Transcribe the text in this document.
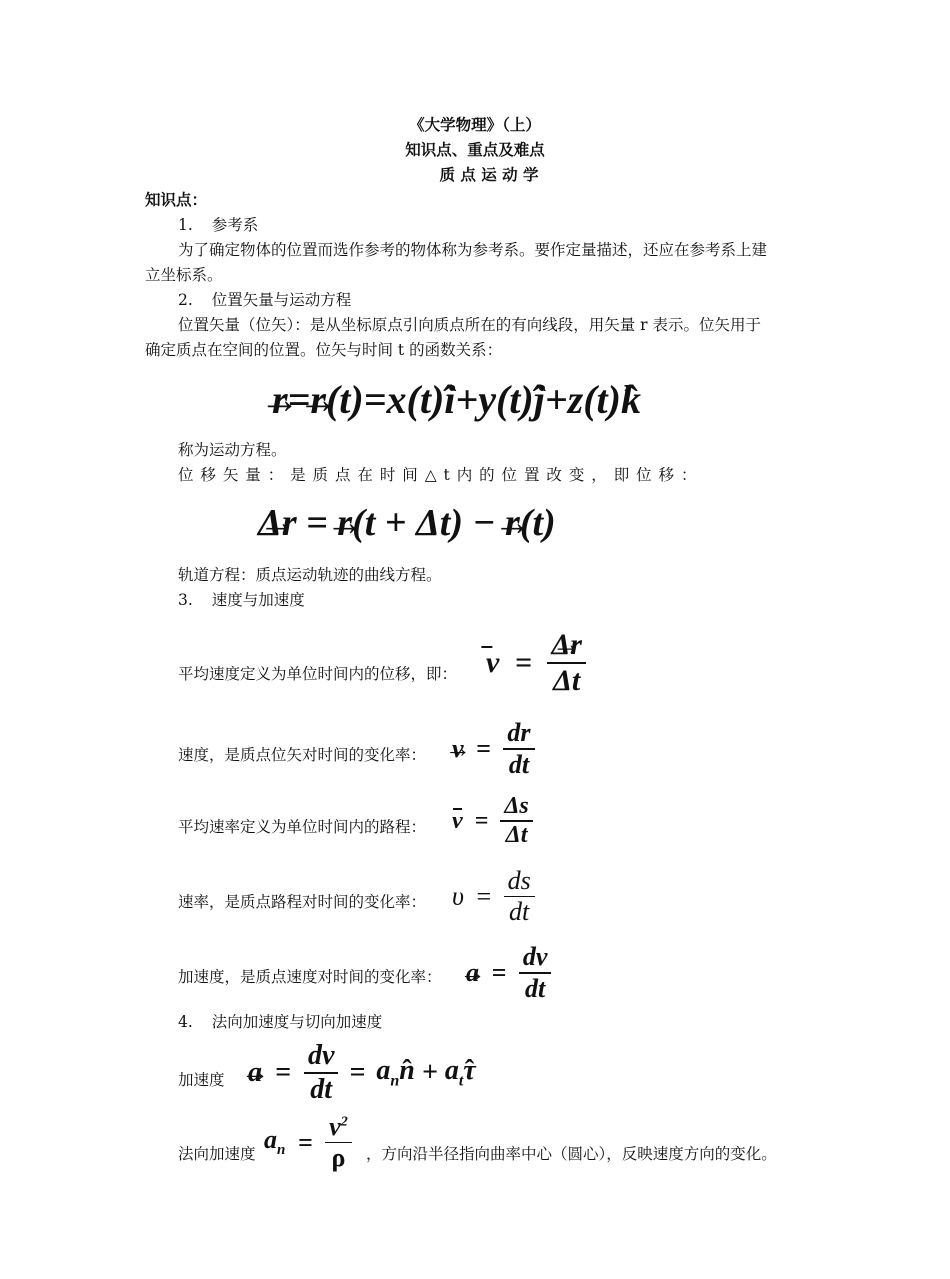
《大学物理》（上）
知识点、重点及难点
质 点 运 动 学
知识点：
1. 参考系
为了确定物体的位置而选作参考的物体称为参考系。要作定量描述，还应在参考系上建
立坐标系。
2. 位置矢量与运动方程
位置矢量（位矢）：是从坐标原点引向质点所在的有向线段，用矢量 r 表示。位矢用于
确定质点在空间的位置。位矢与时间 t 的函数关系：
→ r=→ r(t)=x(t)ˆ i+y(t)ˆ j+z(t)ˆ k
称为运动方程。
位 移 矢 量 ： 是 质 点 在 时 间 △ t 内 的 位 置 改 变 ， 即 位 移 ：
→ Δr = → r(t + Δt) − → r(t)
轨道方程：质点运动轨迹的曲线方程。
3. 速度与加速度
平均速度定义为单位时间内的位移，即： v = → $\frac{\Delta r}{\Delta t}$
速度，是质点位矢对时间的变化率： → $v = \frac{dr}{dt}$
平均速率定义为单位时间内的路程： $v = \frac{\Delta s}{\Delta t}$
速率，是质点路程对时间的变化率： $\upsilon = \frac{ds}{dt}$
加速度，是质点速度对时间的变化率： → $a = \frac{dv}{dt}$
4. 法向加速度与切向加速度
加速度 → $a = \frac{dv}{dt}$ = $a_nˆ$ $n + a_tˆ$ τ
法向加速度 $a_n = \frac{v^2}{\rho}$ ，方向沿半径指向曲率中心（圆心），反映速度方向的变化。
